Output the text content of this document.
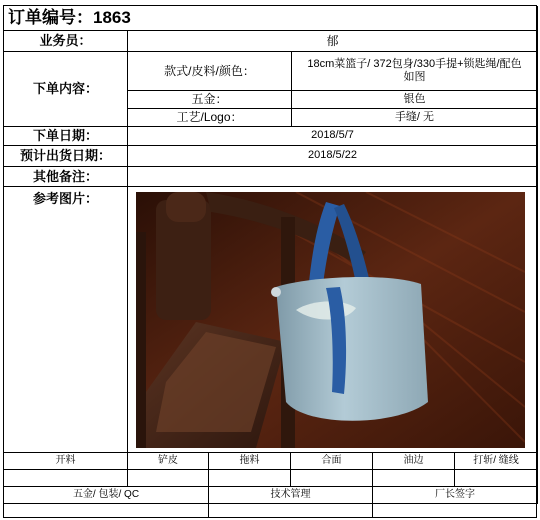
订单编号： 1863
业务员：	郁
下单内容：
款式/皮料/颜色：	18cm菜篮子/ 372包身/330手提+锁匙绳/配色如图
五金：	银色
工艺/Logo：	手缝/ 无
下单日期：	2018/5/7
预计出货日期：	2018/5/22
其他备注：
参考图片：
开料	铲皮	拖料	合面	油边	打斩/ 缝线
五金/ 包装/ QC	技术管理	厂长签字
